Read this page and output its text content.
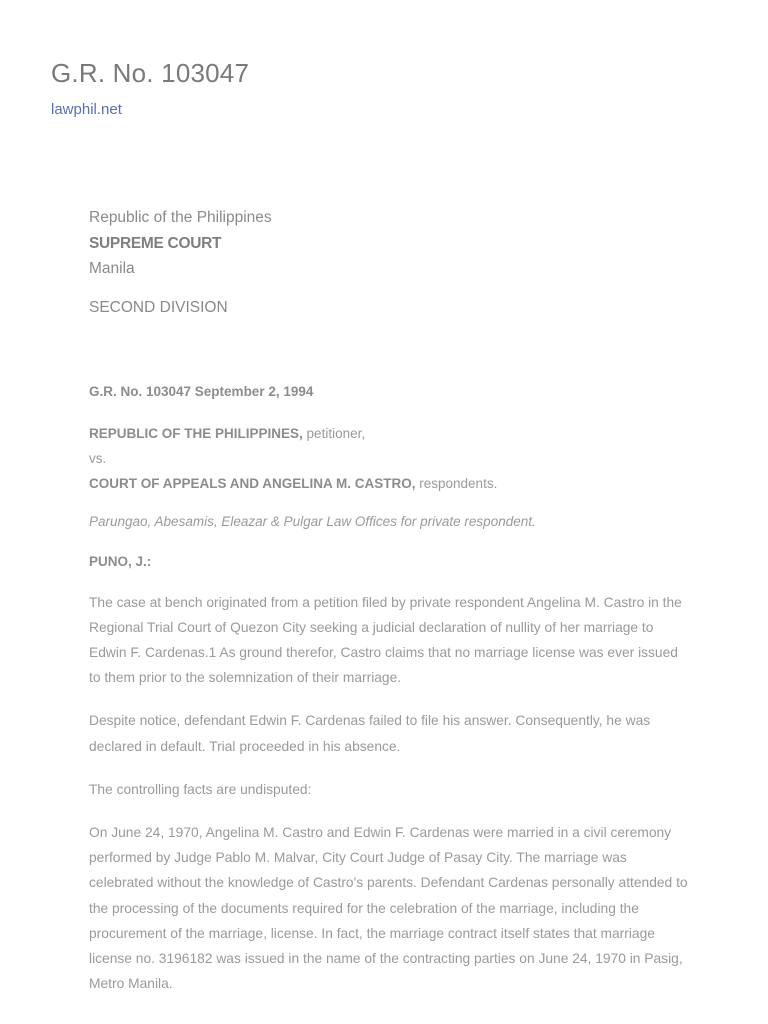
G.R. No. 103047
lawphil.net
Republic of the Philippines
SUPREME COURT
Manila
SECOND DIVISION
G.R. No. 103047 September 2, 1994
REPUBLIC OF THE PHILIPPINES, petitioner,
vs.
COURT OF APPEALS AND ANGELINA M. CASTRO, respondents.
Parungao, Abesamis, Eleazar & Pulgar Law Offices for private respondent.
PUNO, J.:

The case at bench originated from a petition filed by private respondent Angelina M. Castro in the Regional Trial Court of Quezon City seeking a judicial declaration of nullity of her marriage to Edwin F. Cardenas.1 As ground therefor, Castro claims that no marriage license was ever issued to them prior to the solemnization of their marriage.

Despite notice, defendant Edwin F. Cardenas failed to file his answer. Consequently, he was declared in default. Trial proceeded in his absence.

The controlling facts are undisputed:

On June 24, 1970, Angelina M. Castro and Edwin F. Cardenas were married in a civil ceremony performed by Judge Pablo M. Malvar, City Court Judge of Pasay City. The marriage was celebrated without the knowledge of Castro's parents. Defendant Cardenas personally attended to the processing of the documents required for the celebration of the marriage, including the procurement of the marriage, license. In fact, the marriage contract itself states that marriage license no. 3196182 was issued in the name of the contracting parties on June 24, 1970 in Pasig, Metro Manila.
